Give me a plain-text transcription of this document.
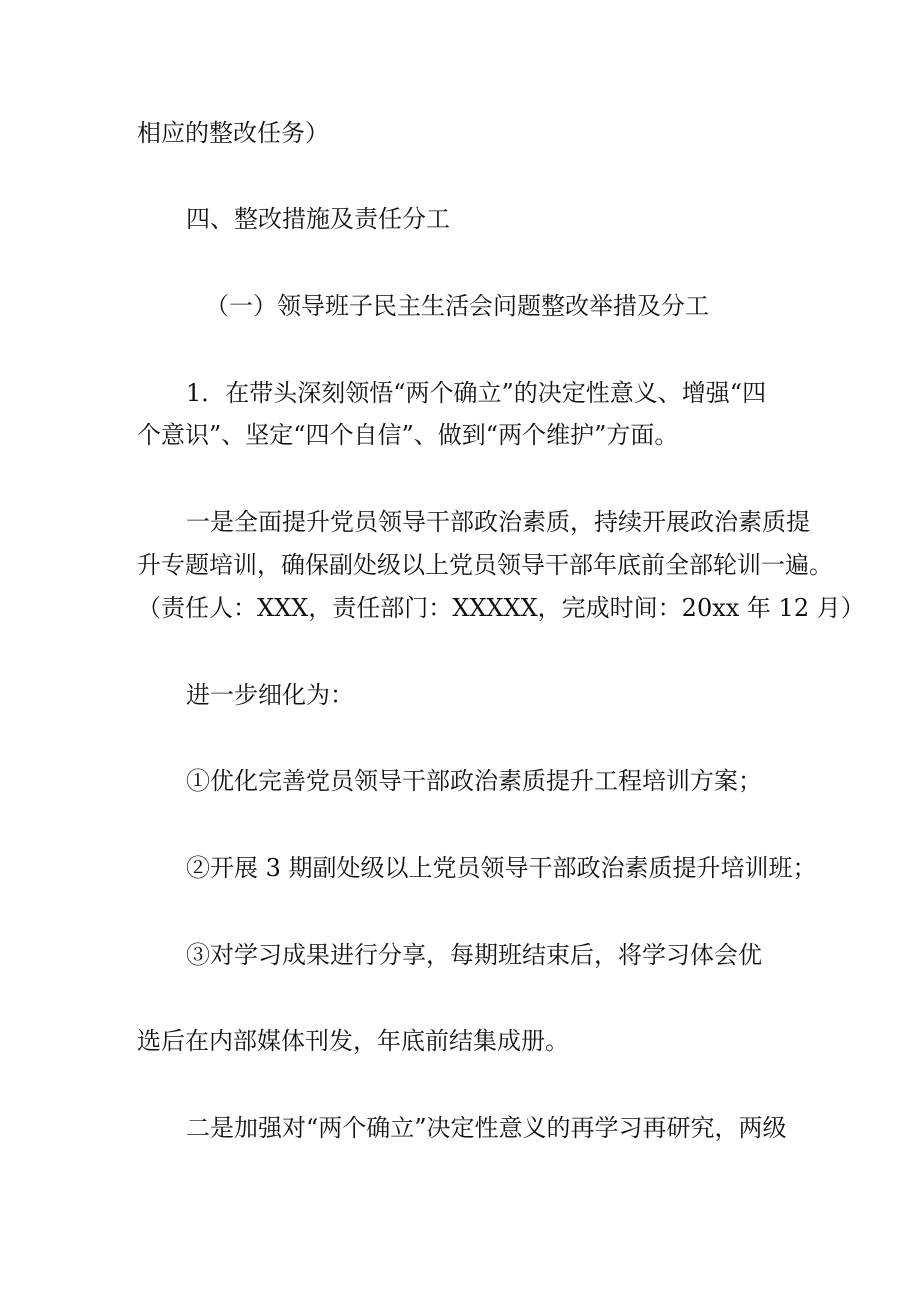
相应的整改任务）

四、整改措施及责任分工

（一）领导班子民主生活会问题整改举措及分工

1．在带头深刻领悟“两个确立”的决定性意义、增强“四

个意识”、坚定“四个自信”、做到“两个维护”方面。

一是全面提升党员领导干部政治素质，持续开展政治素质提

升专题培训，确保副处级以上党员领导干部年底前全部轮训一遍。

（责任人：XXX，责任部门：XXXXX，完成时间：20xx 年 12 月）

进一步细化为：

①优化完善党员领导干部政治素质提升工程培训方案；

②开展 3 期副处级以上党员领导干部政治素质提升培训班；

③对学习成果进行分享，每期班结束后，将学习体会优

选后在内部媒体刊发，年底前结集成册。

二是加强对“两个确立”决定性意义的再学习再研究，两级
